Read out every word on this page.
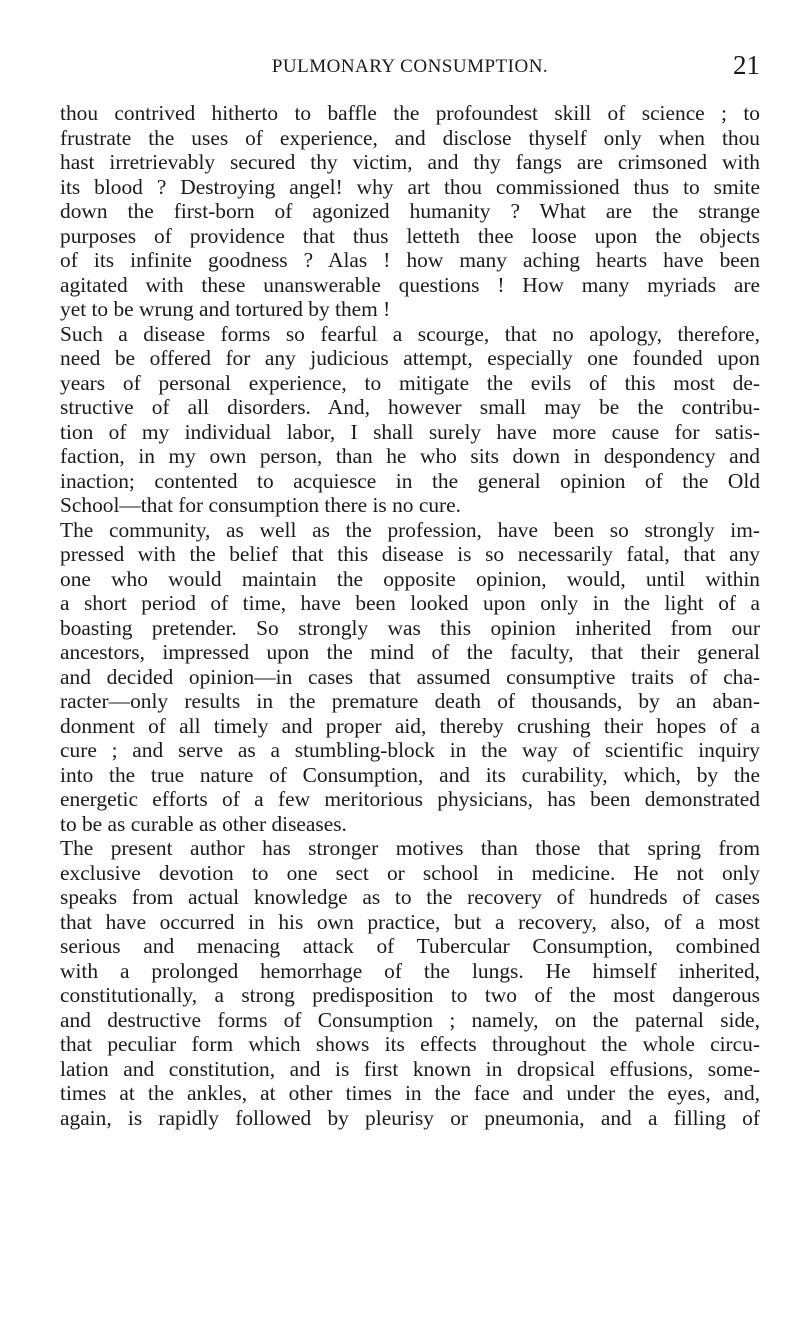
PULMONARY CONSUMPTION.	21
thou contrived hitherto to baffle the profoundest skill of science ; to
frustrate the uses of experience, and disclose thyself only when thou
hast irretrievably secured thy victim, and thy fangs are crimsoned with
its blood ? Destroying angel! why art thou commissioned thus to smite
down the first-born of agonized humanity ? What are the strange
purposes of providence that thus letteth thee loose upon the objects
of its infinite goodness ? Alas ! how many aching hearts have been
agitated with these unanswerable questions ! How many myriads are
yet to be wrung and tortured by them !
Such a disease forms so fearful a scourge, that no apology, therefore,
need be offered for any judicious attempt, especially one founded upon
years of personal experience, to mitigate the evils of this most de-
structive of all disorders. And, however small may be the contribu-
tion of my individual labor, I shall surely have more cause for satis-
faction, in my own person, than he who sits down in despondency and
inaction; contented to acquiesce in the general opinion of the Old
School—that for consumption there is no cure.
The community, as well as the profession, have been so strongly im-
pressed with the belief that this disease is so necessarily fatal, that any
one who would maintain the opposite opinion, would, until within
a short period of time, have been looked upon only in the light of a
boasting pretender. So strongly was this opinion inherited from our
ancestors, impressed upon the mind of the faculty, that their general
and decided opinion—in cases that assumed consumptive traits of cha-
racter—only results in the premature death of thousands, by an aban-
donment of all timely and proper aid, thereby crushing their hopes of a
cure ; and serve as a stumbling-block in the way of scientific inquiry
into the true nature of Consumption, and its curability, which, by the
energetic efforts of a few meritorious physicians, has been demonstrated
to be as curable as other diseases.
The present author has stronger motives than those that spring from
exclusive devotion to one sect or school in medicine. He not only
speaks from actual knowledge as to the recovery of hundreds of cases
that have occurred in his own practice, but a recovery, also, of a most
serious and menacing attack of Tubercular Consumption, combined
with a prolonged hemorrhage of the lungs. He himself inherited,
constitutionally, a strong predisposition to two of the most dangerous
and destructive forms of Consumption ; namely, on the paternal side,
that peculiar form which shows its effects throughout the whole circu-
lation and constitution, and is first known in dropsical effusions, some-
times at the ankles, at other times in the face and under the eyes, and,
again, is rapidly followed by pleurisy or pneumonia, and a filling of
